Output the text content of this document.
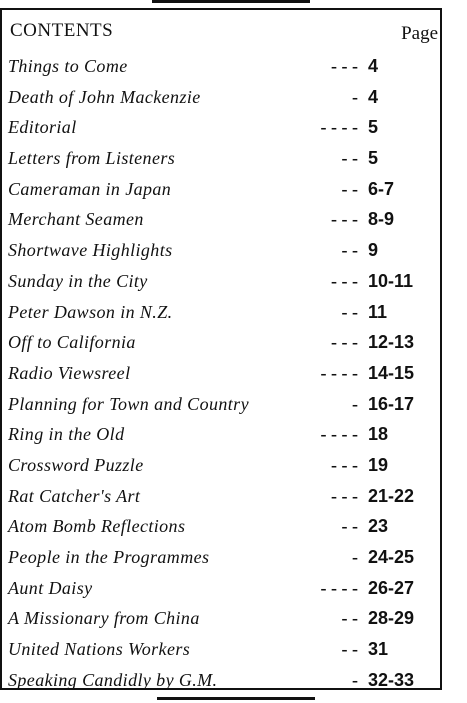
CONTENTS	Page
Things to Come	- - - 4
Death of John Mackenzie	- 4
Editorial	- - - - 5
Letters from Listeners	- - 5
Cameraman in Japan	- - 6-7
Merchant Seamen	- - - 8-9
Shortwave Highlights	- - 9
Sunday in the City	- - - 10-11
Peter Dawson in N.Z.	- - 11
Off to California	- - - 12-13
Radio Viewsreel	- - - - 14-15
Planning for Town and Country	- 16-17
Ring in the Old	- - - - 18
Crossword Puzzle	- - - 19
Rat Catcher's Art	- - - 21-22
Atom Bomb Reflections	- - 23
People in the Programmes	- 24-25
Aunt Daisy	- - - - 26-27
A Missionary from China	- - 28-29
United Nations Workers	- - 31
Speaking Candidly by G.M.	- 32-33
